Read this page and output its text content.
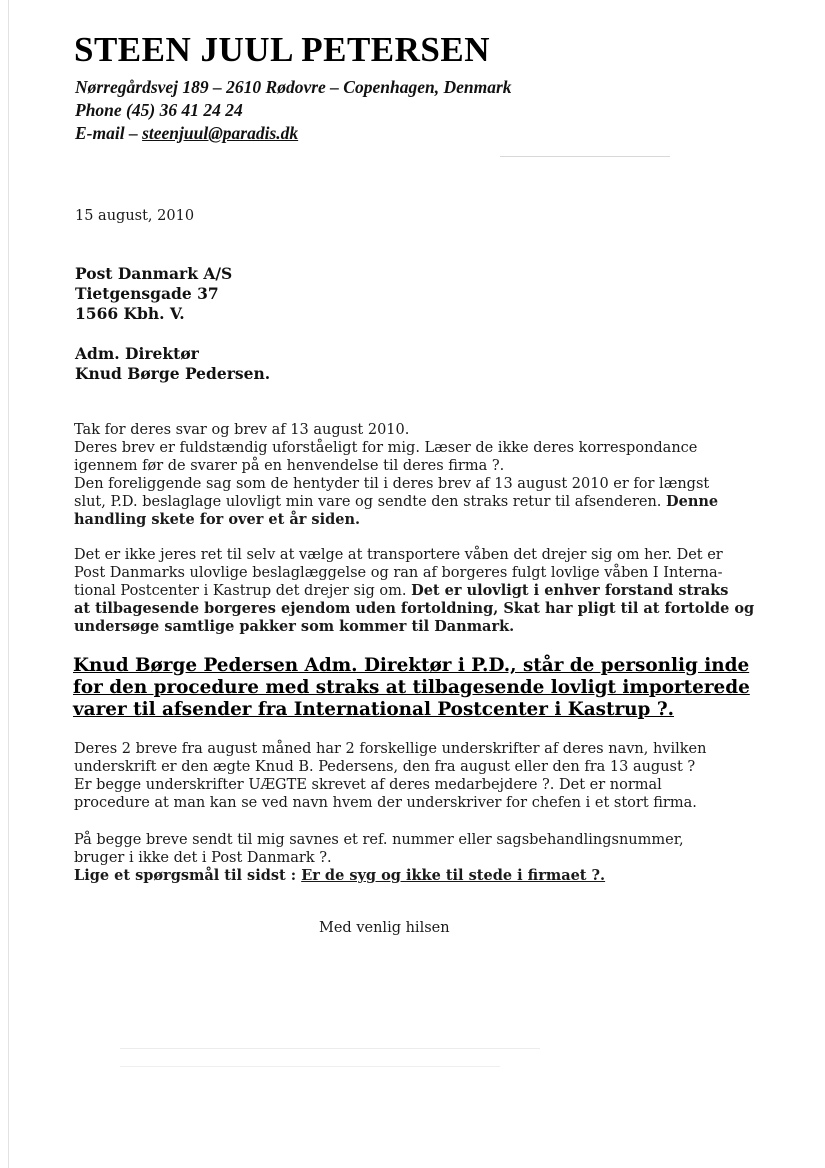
STEEN JUUL PETERSEN
Nørregårdsvej 189 – 2610 Rødovre – Copenhagen, Denmark
Phone (45) 36 41 24 24
E-mail – steenjuul@paradis.dk
15 august, 2010
Post Danmark A/S
Tietgensgade 37
1566 Kbh. V.
Adm. Direktør
Knud Børge Pedersen.
Tak for deres svar og brev af 13 august 2010.
Deres brev er fuldstændig uforståeligt for mig. Læser de ikke deres korrespondance
igennem før de svarer på en henvendelse til deres firma ?.
Den foreliggende sag som de hentyder til i deres brev af 13 august 2010 er for længst
slut, P.D. beslaglage ulovligt min vare og sendte den straks retur til afsenderen. Denne
handling skete for over et år siden.
Det er ikke jeres ret til selv at vælge at transportere våben det drejer sig om her. Det er
Post Danmarks ulovlige beslaglæggelse og ran af borgeres fulgt lovlige våben I Interna-
tional Postcenter i Kastrup det drejer sig om. Det er ulovligt i enhver forstand straks
at tilbagesende borgeres ejendom uden fortoldning, Skat har pligt til at fortolde og
undersøge samtlige pakker som kommer til Danmark.
Knud Børge Pedersen Adm. Direktør i P.D., står de personlig inde
for den procedure med straks at tilbagesende lovligt importerede
varer til afsender fra International Postcenter i Kastrup ?.
Deres 2 breve fra august måned har 2 forskellige underskrifter af deres navn, hvilken
underskrift er den ægte Knud B. Pedersens, den fra august eller den fra 13 august ?
Er begge underskrifter UÆGTE skrevet af deres medarbejdere ?. Det er normal
procedure at man kan se ved navn hvem der underskriver for chefen i et stort firma.
På begge breve sendt til mig savnes et ref. nummer eller sagsbehandlingsnummer,
bruger i ikke det i Post Danmark ?.
Lige et spørgsmål til sidst : Er de syg og ikke til stede i firmaet ?.
Med venlig hilsen
